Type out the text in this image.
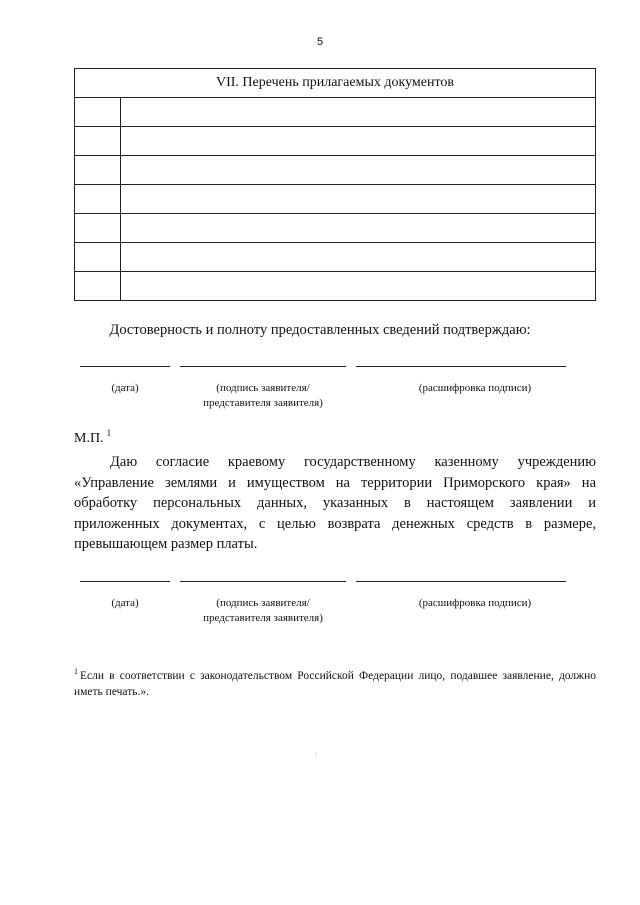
5
VII. Перечень прилагаемых документов	

Достоверность и полноту предоставленных сведений подтверждаю:
(дата)	(подпись заявителя/представителя заявителя)
(расшифровка подписи)
М.П. $^1$
Даю согласие краевому государственному казенному учреждению «Управление землями и имуществом на территории Приморского края» на обработку персональных данных, указанных в настоящем заявлении и приложенных документах, с целью возврата денежных средств в размере, превышающем размер платы.
(дата)	(подпись заявителя/представителя заявителя)
(расшифровка подписи)
$^1$ Если в соответствии с законодательством Российской Федерации лицо, подавшее заявление, должно иметь печать.».
